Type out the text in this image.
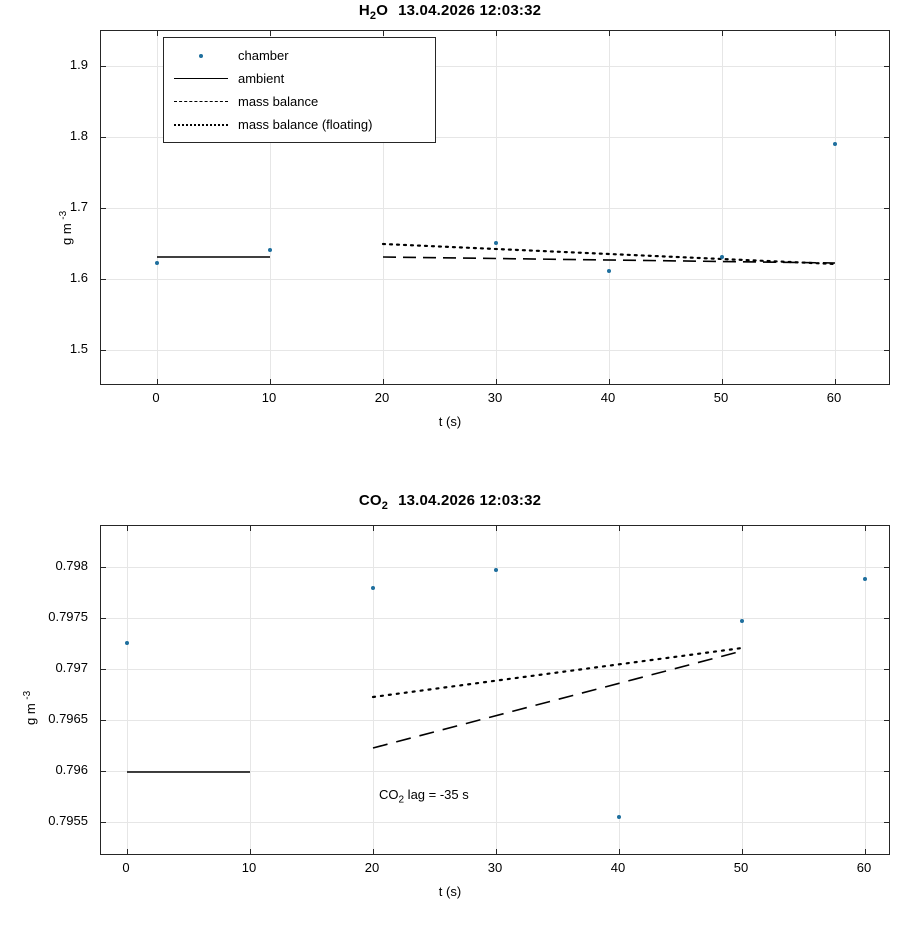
$H_2O$ 13.04.2026 12:03:32
g m $^{-3}$
chamber
ambient
mass balance
mass balance (floating)
0	10	20	30	40	50	60
1.5
1.6
1.7
1.8
1.9
t (s)
$CO_2$ 13.04.2026 12:03:32
g m $^{-3}$
$CO_2$ lag = -35 s
0	10	20	30	40	50	60
0.7955
0.796
0.7965
0.797
0.7975
0.798
t (s)
